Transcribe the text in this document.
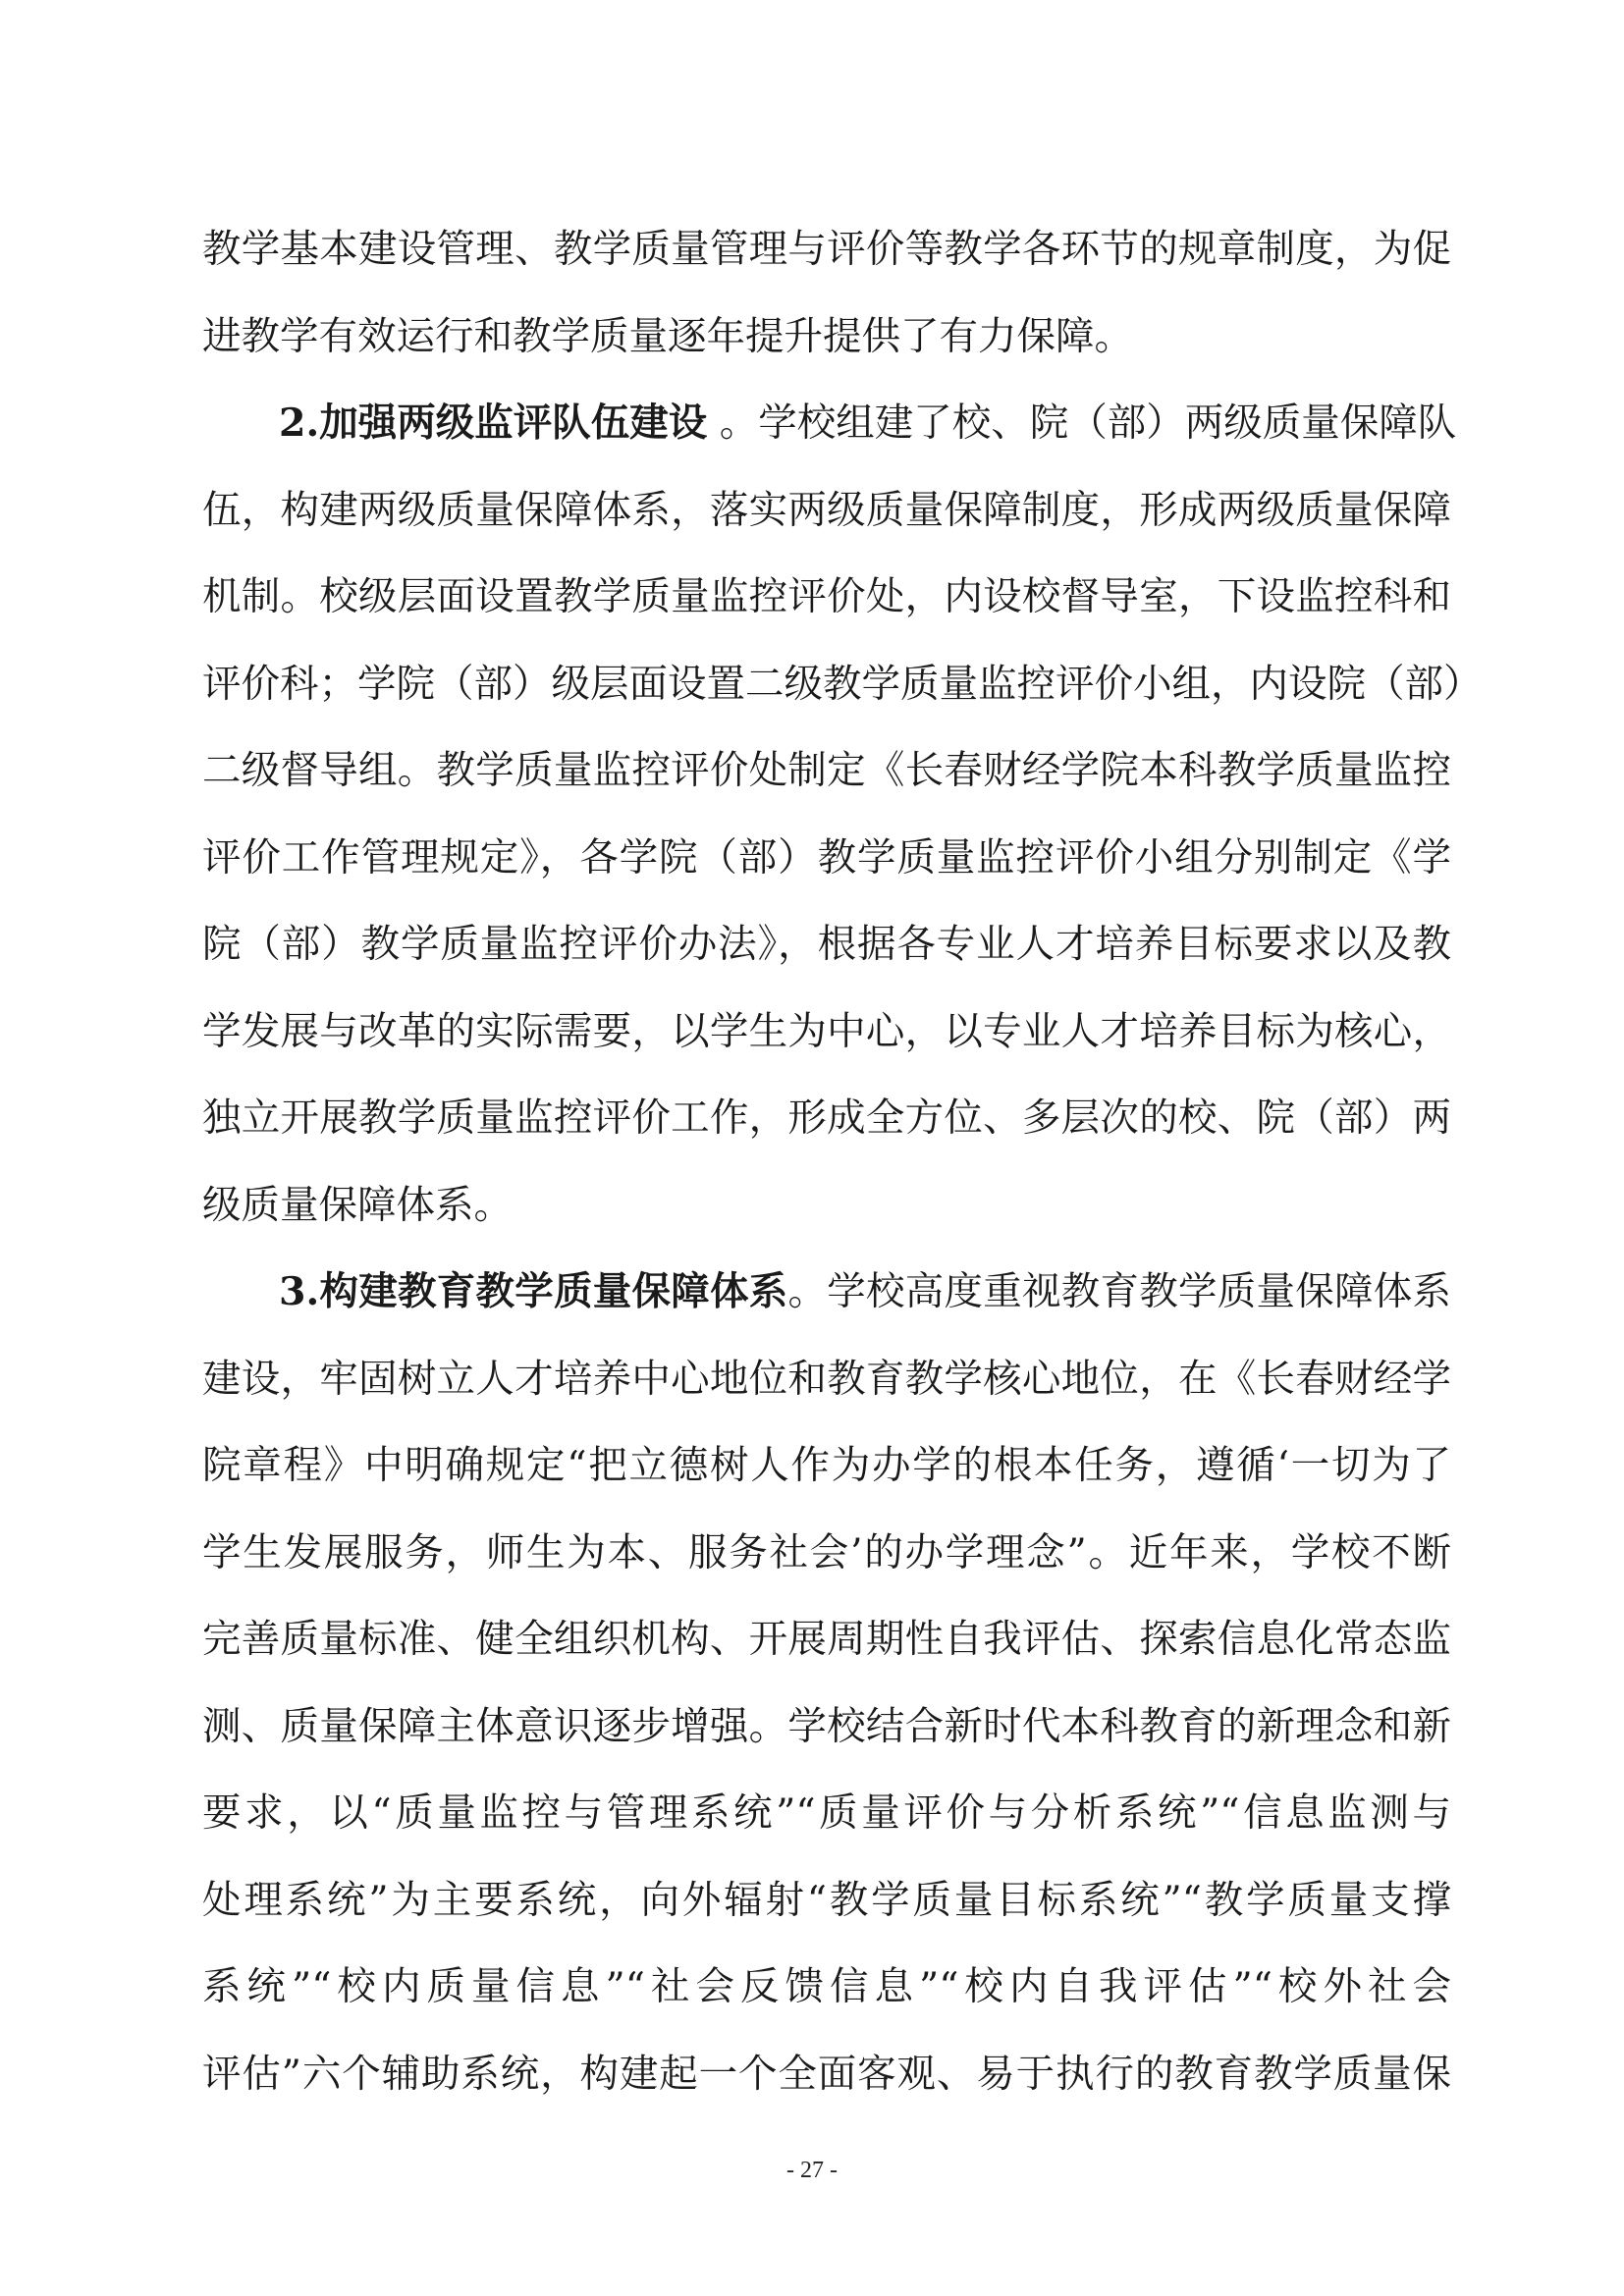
教学基本建设管理、教学质量管理与评价等教学各环节的规章制度，为促
进教学有效运行和教学质量逐年提升提供了有力保障。
2.加强两级监评队伍建设 。学校组建了校、院（部）两级质量保障队
伍，构建两级质量保障体系，落实两级质量保障制度，形成两级质量保障
机制。校级层面设置教学质量监控评价处，内设校督导室，下设监控科和
评价科；学院（部）级层面设置二级教学质量监控评价小组，内设院（部）
二级督导组。教学质量监控评价处制定《长春财经学院本科教学质量监控
评价工作管理规定》，各学院（部）教学质量监控评价小组分别制定《学
院（部）教学质量监控评价办法》，根据各专业人才培养目标要求以及教
学发展与改革的实际需要，以学生为中心，以专业人才培养目标为核心，
独立开展教学质量监控评价工作，形成全方位、多层次的校、院（部）两
级质量保障体系。
3.构建教育教学质量保障体系。学校高度重视教育教学质量保障体系
建设，牢固树立人才培养中心地位和教育教学核心地位，在《长春财经学
院章程》中明确规定“把立德树人作为办学的根本任务，遵循‘一切为了
学生发展服务，师生为本、服务社会’的办学理念”。近年来，学校不断
完善质量标准、健全组织机构、开展周期性自我评估、探索信息化常态监
测、质量保障主体意识逐步增强。学校结合新时代本科教育的新理念和新
要求，以“质量监控与管理系统”“质量评价与分析系统”“信息监测与
处理系统”为主要系统，向外辐射“教学质量目标系统”“教学质量支撑
系统”“校内质量信息”“社会反馈信息”“校内自我评估”“校外社会
评估”六个辅助系统，构建起一个全面客观、易于执行的教育教学质量保
- 27 -
